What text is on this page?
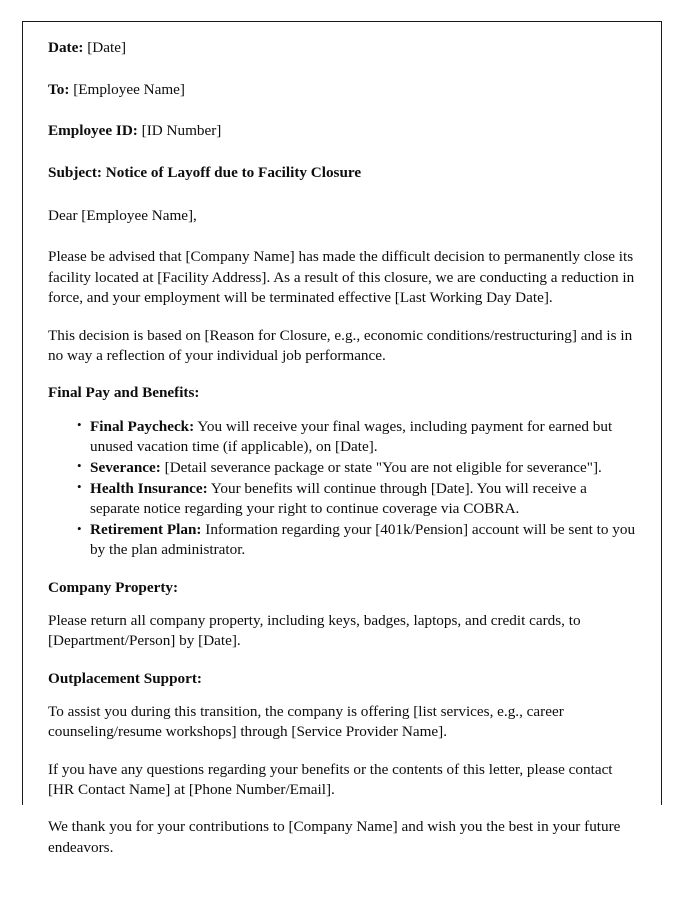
Date: [Date]
To: [Employee Name]
Employee ID: [ID Number]
Subject: Notice of Layoff due to Facility Closure
Dear [Employee Name],

Please be advised that [Company Name] has made the difficult decision to permanently close its facility located at [Facility Address]. As a result of this closure, we are conducting a reduction in force, and your employment will be terminated effective [Last Working Day Date].

This decision is based on [Reason for Closure, e.g., economic conditions/restructuring] and is in no way a reflection of your individual job performance.

Final Pay and Benefits:
• Final Paycheck: You will receive your final wages, including payment for earned but unused vacation time (if applicable), on [Date].
• Severance: [Detail severance package or state "You are not eligible for severance"].
• Health Insurance: Your benefits will continue through [Date]. You will receive a separate notice regarding your right to continue coverage via COBRA.
• Retirement Plan: Information regarding your [401k/Pension] account will be sent to you by the plan administrator.
Company Property:

Please return all company property, including keys, badges, laptops, and credit cards, to [Department/Person] by [Date].

Outplacement Support:

To assist you during this transition, the company is offering [list services, e.g., career counseling/resume workshops] through [Service Provider Name].

If you have any questions regarding your benefits or the contents of this letter, please contact [HR Contact Name] at [Phone Number/Email].

We thank you for your contributions to [Company Name] and wish you the best in your future endeavors.
